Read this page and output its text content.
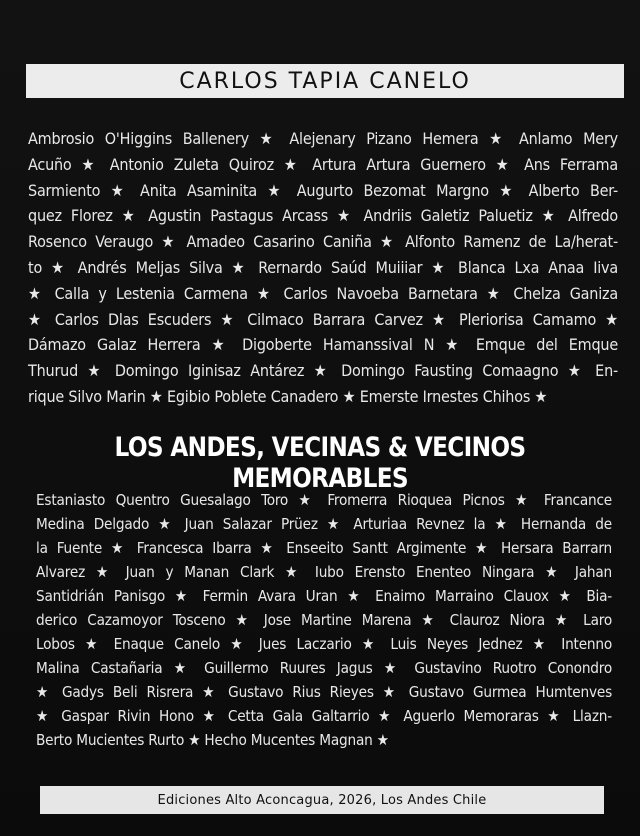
CARLOS TAPIA CANELO
Ambrosio O'Higgins Ballenery ★ Alejenary Pizano Hemera ★ Anlamo Mery
Acuño ★ Antonio Zuleta Quiroz ★ Artura Artura Guernero ★ Ans Ferrama
Sarmiento ★ Anita Asaminita ★ Augurto Bezomat Margno ★ Alberto Ber-
quez Florez ★ Agustin Pastagus Arcass ★ Andriis Galetiz Paluetiz ★ Alfredo
Rosenco Veraugo ★ Amadeo Casarino Caniña ★ Alfonto Ramenz de La/herat-
to ★ Andrés Meljas Silva ★ Rernardo Saúd Muiiiar ★ Blanca Lxa Anaa Iiva
★ Calla y Lestenia Carmena ★ Carlos Navoeba Barnetara ★ Chelza Ganiza
★ Carlos Dlas Escuders ★ Cilmaco Barrara Carvez ★ Pleriorisa Camamo ★
Dámazo Galaz Herrera ★ Digoberte Hamanssival N ★ Emque del Emque
Thurud ★ Domingo Iginisaz Antárez ★ Domingo Fausting Comaagno ★ En-
rique Silvo Marin ★ Egibio Poblete Canadero ★ Emerste Irnestes Chihos ★
LOS ANDES, VECINAS & VECINOS MEMORABLES
Estaniasto Quentro Guesalago Toro ★ Fromerra Rioquea Picnos ★ Francance
Medina Delgado ★ Juan Salazar Prüez ★ Arturiaa Revnez la ★ Hernanda de
la Fuente ★ Francesca Ibarra ★ Enseeito Santt Argimente ★ Hersara Barrarn
Alvarez ★ Juan y Manan Clark ★ Iubo Erensto Enenteo Ningara ★ Jahan
Santidrián Panisgo ★ Fermin Avara Uran ★ Enaimo Marraino Clauox ★ Bia-
derico Cazamoyor Tosceno ★ Jose Martine Marena ★ Clauroz Niora ★ Laro
Lobos ★ Enaque Canelo ★ Jues Laczario ★ Luis Neyes Jednez ★ Intenno
Malina Castañaria ★ Guillermo Ruures Jagus ★ Gustavino Ruotro Conondro
★ Gadys Beli Risrera ★ Gustavo Rius Rieyes ★ Gustavo Gurmea Humtenves
★ Gaspar Rivin Hono ★ Cetta Gala Galtarrio ★ Aguerlo Memoraras ★ Llazn-
Berto Mucientes Rurto ★ Hecho Mucentes Magnan ★
Ediciones Alto Aconcagua, 2026, Los Andes Chile
